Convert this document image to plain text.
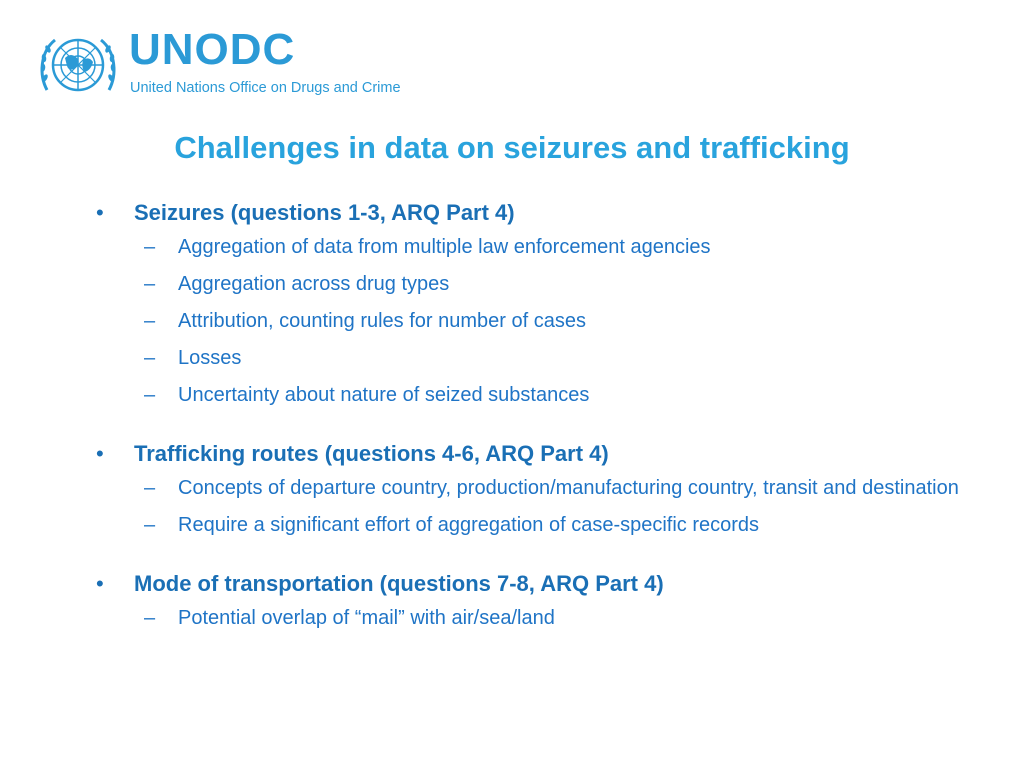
UNODC
United Nations Office on Drugs and Crime
Challenges in data on seizures and trafficking
• Seizures (questions 1-3, ARQ Part 4)
– Aggregation of data from multiple law enforcement agencies
– Aggregation across drug types
– Attribution, counting rules for number of cases
– Losses
– Uncertainty about nature of seized substances
• Trafficking routes (questions 4-6, ARQ Part 4)
– Concepts of departure country, production/manufacturing country, transit and destination
– Require a significant effort of aggregation of case-specific records
• Mode of transportation (questions 7-8, ARQ Part 4)
– Potential overlap of “mail” with air/sea/land
